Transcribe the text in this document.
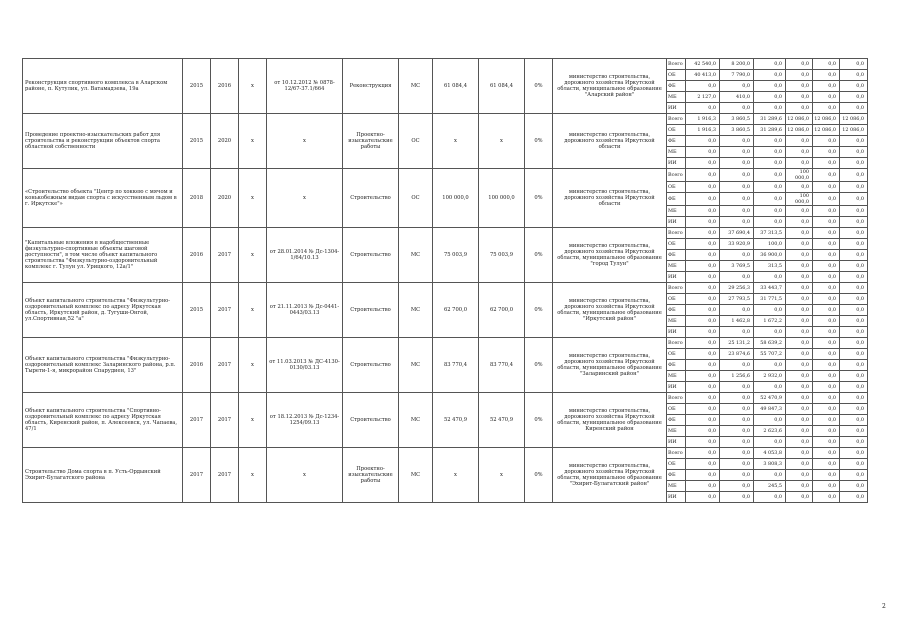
Реконструкция спортивного комплекса в Аларском районе, п. Кутулик, ул. Ватамадзева, 19а	2015	2016	x	от 10.12.2012 № 0878-12/67-37.1/664	Реконструкция	МС	61 084,4	61 084,4	0%	министерство строительства, дорожного хозяйства Иркутской области, муниципальное образование "Аларский район"	Всего	42 540,0	8 200,0	0,0	0,0	0,0	0,0
											ОБ	40 413,0	7 790,0	0,0	0,0	0,0	0,0
											ФБ	0,0	0,0	0,0	0,0	0,0	0,0
											МБ	2 127,0	410,0	0,0	0,0	0,0	0,0
											ИИ	0,0	0,0	0,0	0,0	0,0	0,0
Проведение проектно-изыскательских работ для строительства и реконструкции объектов спорта областной собственности	2015	2020	x	x	Проектно-изыскательские работы	ОС	x	x	0%	министерство строительства, дорожного хозяйства Иркутской области	Всего	1 916,3	3 860,5	31 289,6	12 086,0	12 086,0	12 086,0
											ОБ	1 916,3	3 860,5	31 289,6	12 086,0	12 086,0	12 086,0
											ФБ	0,0	0,0	0,0	0,0	0,0	0,0
											МБ	0,0	0,0	0,0	0,0	0,0	0,0
											ИИ	0,0	0,0	0,0	0,0	0,0	0,0
«Строительство объекта "Центр по хоккею с мячом и конькобежным видам спорта с искусственным льдом в г. Иркутске"»	2018	2020	x	x	Строительство	ОС	100 000,0	100 000,0	0%	министерство строительства, дорожного хозяйства Иркутской области	Всего	0,0	0,0	0,0	100 000,0	0,0	0,0
											ОБ	0,0	0,0	0,0	0,0	0,0	0,0
											ФБ	0,0	0,0	0,0	100 000,0	0,0	0,0
											МБ	0,0	0,0	0,0	0,0	0,0	0,0
											ИИ	0,0	0,0	0,0	0,0	0,0	0,0
"Капитальные вложения в надобщественные физкультурно-спортивные объекты шаговой доступности", в том числе объект капитального строительства "Физкультурно-оздоровительный комплекс г. Тулун ул. Урицкого, 12а/1"	2016	2017	x	от 28.01.2014 № Дс-1304-1/64/10.13	Строительство	МС	75 003,9	75 003,9	0%	министерство строительства, дорожного хозяйства Иркутской области, муниципальное образование "город Тулун"	Всего	0,0	37 690,4	37 313,5	0,0	0,0	0,0
											ОБ	0,0	33 920,9	100,0	0,0	0,0	0,0
											ФБ	0,0	0,0	36 900,0	0,0	0,0	0,0
											МБ	0,0	3 769,5	313,5	0,0	0,0	0,0
											ИИ	0,0	0,0	0,0	0,0	0,0	0,0
Объект капитального строительства "Физкультурно-оздоровительный комплекс по адресу Иркутская область, Иркутский район, д. Тугуши-Онгой, ул.Спортивная,52 "а"	2015	2017	x	от 21.11.2013 № Дс-0441-0443/03.13	Строительство	МС	62 700,0	62 700,0	0%	министерство строительства, дорожного хозяйства Иркутской области, муниципальное образование "Иркутский район"	Всего	0,0	29 256,3	33 443,7	0,0	0,0	0,0
											ОБ	0,0	27 793,5	31 771,5	0,0	0,0	0,0
											ФБ	0,0	0,0	0,0	0,0	0,0	0,0
											МБ	0,0	1 462,8	1 672,2	0,0	0,0	0,0
											ИИ	0,0	0,0	0,0	0,0	0,0	0,0
Объект капитального строительства "Физкультурно-оздоровительный комплекс Заларинского района, р.п. Тырети-1-я, микрорайон Спарудиен, 13"	2016	2017	x	от 11.03.2013 № ДС-4130-0130/03.13	Строительство	МС	83 770,4	83 770,4	0%	министерство строительства, дорожного хозяйства Иркутской области, муниципальное образование "Заларинский район"	Всего	0,0	25 131,2	58 639,2	0,0	0,0	0,0
											ОБ	0,0	23 874,6	55 707,2	0,0	0,0	0,0
											ФБ	0,0	0,0	0,0	0,0	0,0	0,0
											МБ	0,0	1 256,6	2 932,0	0,0	0,0	0,0
											ИИ	0,0	0,0	0,0	0,0	0,0	0,0
Объект капитального строительства "Спортивно-оздоровительный комплекс по адресу Иркутская область, Киренский район, п. Алексеевск, ул. Чапаева, 47/1	2017	2017	x	от 18.12.2013 № Дс-1234-1254/09.13	Строительство	МС	52 470,9	52 470,9	0%	министерство строительства, дорожного хозяйства Иркутской области, муниципальное образование Киренский район	Всего	0,0	0,0	52 470,9	0,0	0,0	0,0
											ОБ	0,0	0,0	49 847,3	0,0	0,0	0,0
											ФБ	0,0	0,0	0,0	0,0	0,0	0,0
											МБ	0,0	0,0	2 623,6	0,0	0,0	0,0
											ИИ	0,0	0,0	0,0	0,0	0,0	0,0
Строительство Дома спорта в п. Усть-Ордынский Эхирит-Булагатского района	2017	2017	x	x	Проектно-изыскательские работы	МС	x	x	0%	министерство строительства, дорожного хозяйства Иркутской области, муниципальное образование "Эхирит-Булагатский район"	Всего	0,0	0,0	4 053,8	0,0	0,0	0,0
											ОБ	0,0	0,0	3 808,3	0,0	0,0	0,0
											ФБ	0,0	0,0	0,0	0,0	0,0	0,0
											МБ	0,0	0,0	245,5	0,0	0,0	0,0
											ИИ	0,0	0,0	0,0	0,0	0,0	0,0
2
